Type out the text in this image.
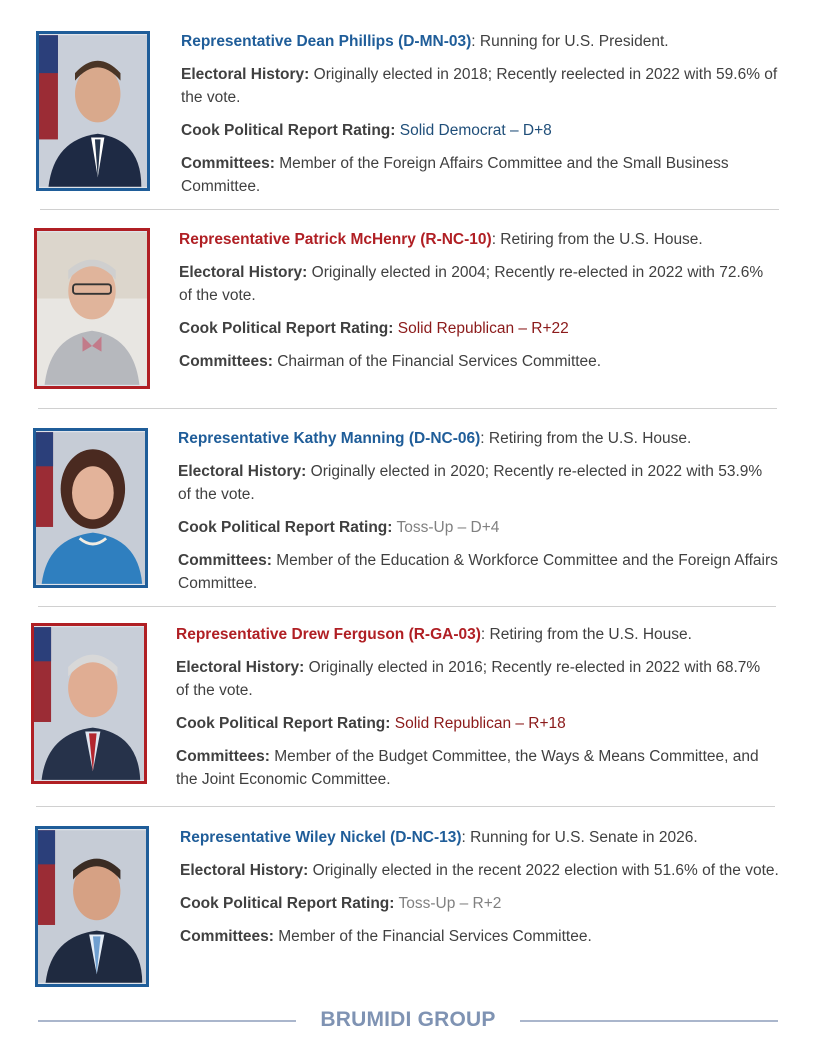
Representative Dean Phillips (D-MN-03): Running for U.S. President.

Electoral History: Originally elected in 2018; Recently reelected in 2022 with 59.6% of the vote.

Cook Political Report Rating: Solid Democrat – D+8

Committees: Member of the Foreign Affairs Committee and the Small Business Committee.

Representative Patrick McHenry (R-NC-10): Retiring from the U.S. House.

Electoral History: Originally elected in 2004; Recently re-elected in 2022 with 72.6% of the vote.

Cook Political Report Rating: Solid Republican – R+22

Committees: Chairman of the Financial Services Committee.

Representative Kathy Manning (D-NC-06): Retiring from the U.S. House.

Electoral History: Originally elected in 2020; Recently re-elected in 2022 with 53.9% of the vote.

Cook Political Report Rating: Toss-Up – D+4

Committees: Member of the Education & Workforce Committee and the Foreign Affairs Committee.

Representative Drew Ferguson (R-GA-03): Retiring from the U.S. House.

Electoral History: Originally elected in 2016; Recently re-elected in 2022 with 68.7% of the vote.

Cook Political Report Rating: Solid Republican – R+18

Committees: Member of the Budget Committee, the Ways & Means Committee, and the Joint Economic Committee.

Representative Wiley Nickel (D-NC-13): Running for U.S. Senate in 2026.

Electoral History: Originally elected in the recent 2022 election with 51.6% of the vote.

Cook Political Report Rating: Toss-Up – R+2

Committees: Member of the Financial Services Committee.

BRUMIDI GROUP
